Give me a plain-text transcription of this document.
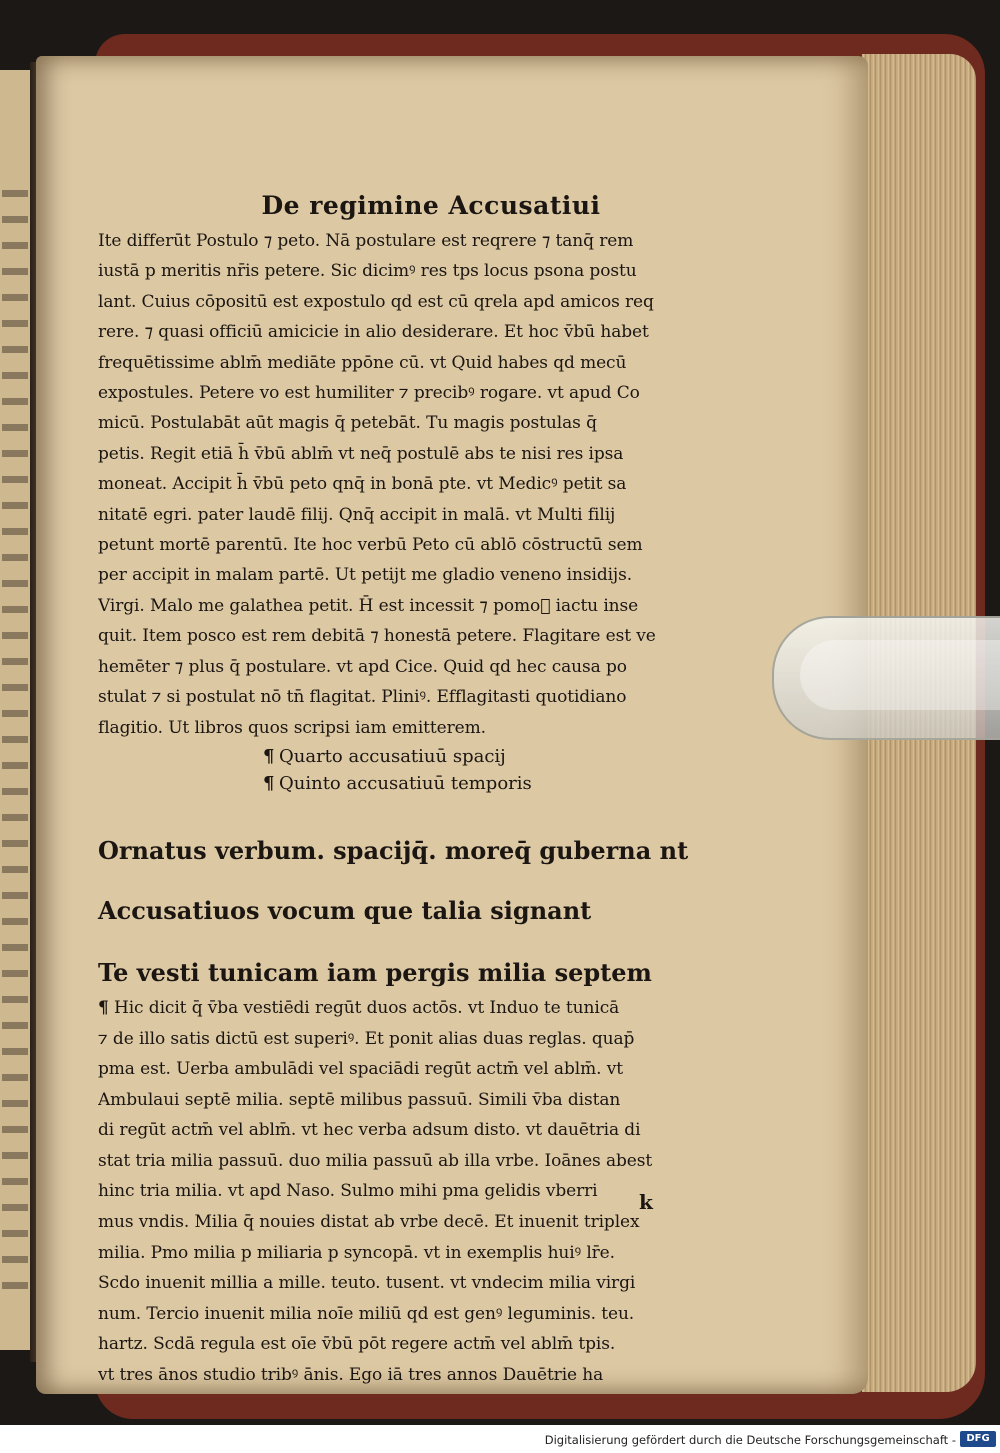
De regimine Accusatiui
Ite differūt Postulo ⁊ peto. Nā postulare est reqrere ⁊ tanq̄ rem
iustā p meritis nr̄is petere. Sic dicimꝰ res tps locus psona postu
lant. Cuius cōpositū est expostulo qd est cū qrela apd amicos req
rere. ⁊ quasi officiū amicicie in alio desiderare. Et hoc v̄bū habet
frequētissime ablm̄ mediāte ppōne cū. vt Quid habes qd mecū
expostules. Petere vo est humiliter ⁊ precibꝰ rogare. vt apud Co
micū. Postulabāt aūt magis q̄ petebāt. Tu magis postulas q̄
petis. Regit etiā h̄ v̄bū ablm̄ vt neq̄ postulē abs te nisi res ipsa
moneat. Accipit h̄ v̄bū peto qnq̄ in bonā pte. vt Medicꝰ petit sa
nitatē egri. pater laudē filij. Qnq̄ accipit in malā. vt Multi filij
petunt mortē parentū. Ite hoc verbū Peto cū ablō cōstructū sem
per accipit in malam partē. Ut petijt me gladio veneno insidijs.
Virgi. Malo me galathea petit. H̄ est incessit ⁊ pomo᷑ iactu inse
quit. Item posco est rem debitā ⁊ honestā petere. Flagitare est ve
hemēter ⁊ plus q̄ postulare. vt apd Cice. Quid qd hec causa po
stulat ⁊ si postulat nō tn̄ flagitat. Pliniꝰ. Efflagitasti quotidiano
flagitio. Ut libros quos scripsi iam emitterem.
¶ Quarto accusatiuū spacij
¶ Quinto accusatiuū temporis
Ornatus verbum. spacijq̄. moreq̄ guberna nt
Accusatiuos vocum que talia signant
Te vesti tunicam iam pergis milia septem
¶ Hic dicit q̄ v̄ba vestiēdi regūt duos actōs. vt Induo te tunicā
⁊ de illo satis dictū est superiꝰ. Et ponit alias duas reglas. quap̄
pma est. Uerba ambulādi vel spaciādi regūt actm̄ vel ablm̄. vt
Ambulaui septē milia. septē milibus passuū. Simili v̄ba distan
di regūt actm̄ vel ablm̄. vt hec verba adsum disto. vt dauētria di
stat tria milia passuū. duo milia passuū ab illa vrbe. Ioānes abest
hinc tria milia. vt apd Naso. Sulmo mihi pma gelidis vberri
mus vndis. Milia q̄ nouies distat ab vrbe decē. Et inuenit triplex
milia. Pmo milia p miliaria p syncopā. vt in exemplis huiꝰ lr̄e.
Scdo inuenit millia a mille. teuto. tusent. vt vndecim milia virgi
num. Tercio inuenit milia noīe miliū qd est genꝰ leguminis. teu.
hartz. Scdā regula est oīe v̄bū pōt regere actm̄ vel ablm̄ tpis.
vt tres ānos studio tribꝰ ānis. Ego iā tres annos Dauētrie ha
k
Digitalisierung gefördert durch die Deutsche Forschungsgemeinschaft -	DFG
